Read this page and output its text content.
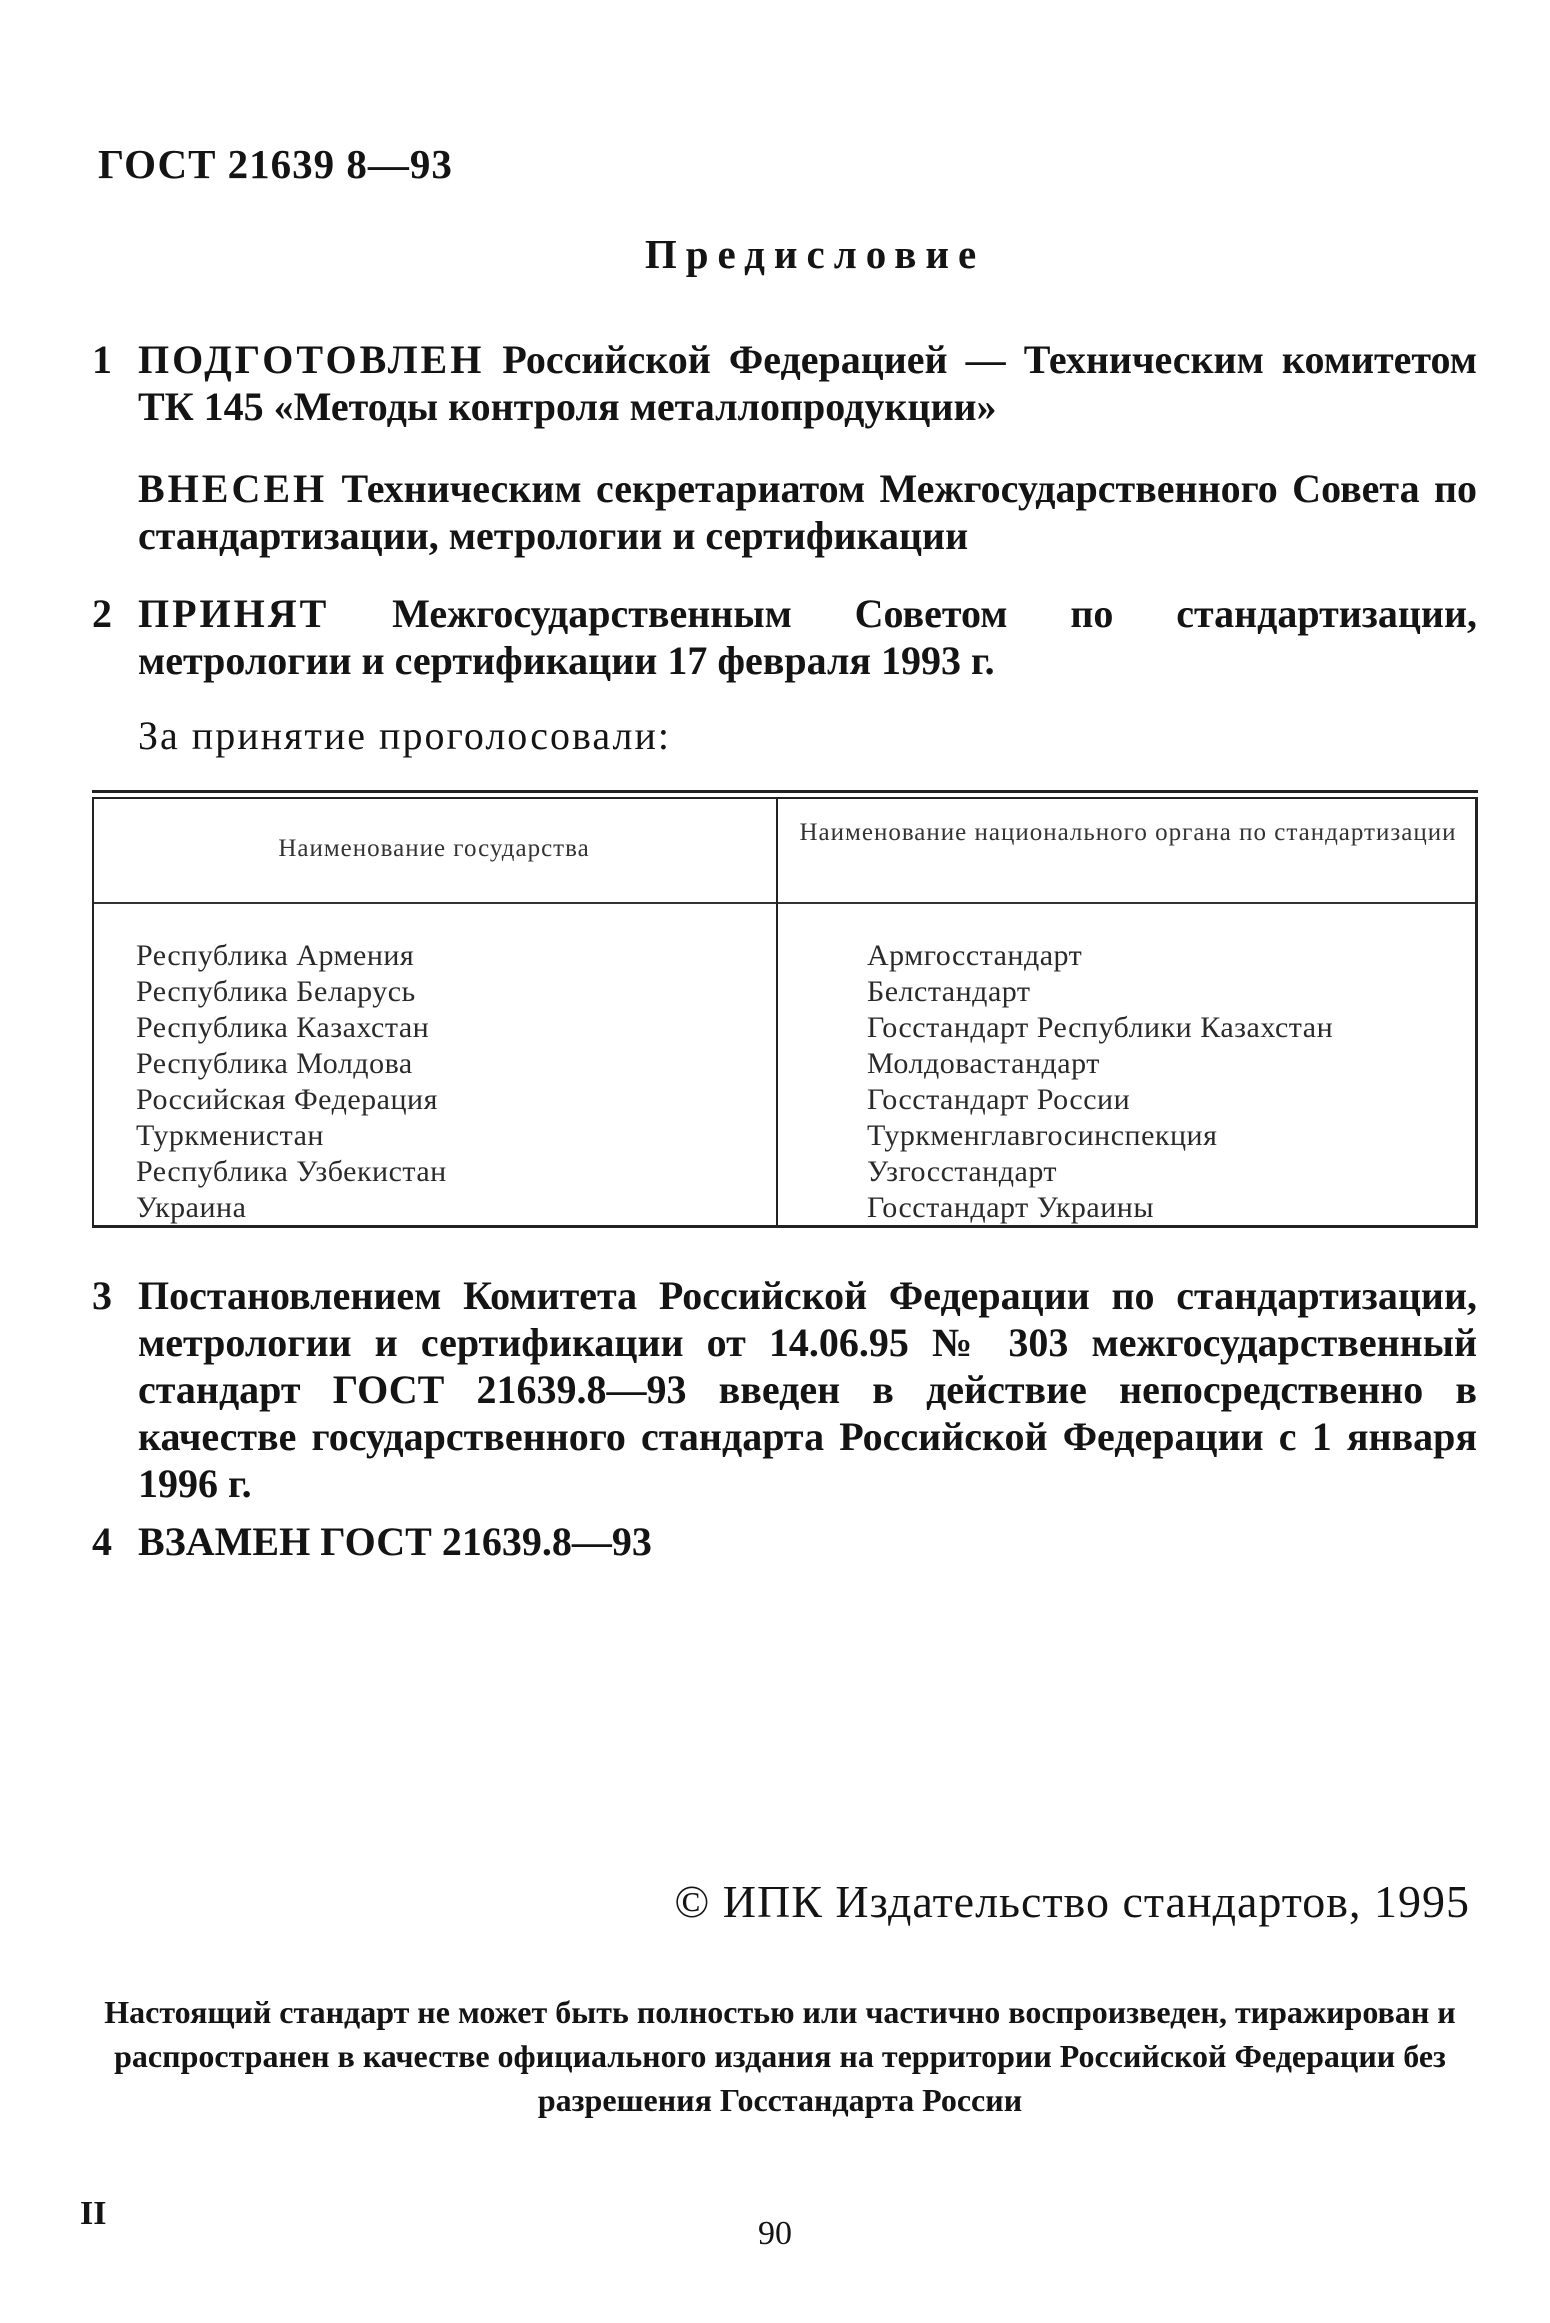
ГОСТ 21639 8—93
Предисловие
1 ПОДГОТОВЛЕН Российской Федерацией — Техническим комитетом ТК 145 «Методы контроля металлопродукции»
ВНЕСЕН Техническим секретариатом Межгосударственного Совета по стандартизации, метрологии и сертификации
2 ПРИНЯТ Межгосударственным Советом по стандартизации, метрологии и сертификации 17 февраля 1993 г.
За принятие проголосовали:
Наименование государства
Наименование национального органа по стандартизации
Республика Армения
Республика Беларусь
Республика Казахстан
Республика Молдова
Российская Федерация
Туркменистан
Республика Узбекистан
Украина
Армгосстандарт
Белстандарт
Госстандарт Республики Казахстан
Молдовастандарт
Госстандарт России
Туркменглавгосинспекция
Узгосстандарт
Госстандарт Украины
3 Постановлением Комитета Российской Федерации по стандартизации, метрологии и сертификации от 14.06.95 № 303 межгосударственный стандарт ГОСТ 21639.8—93 введен в действие непосредственно в качестве государственного стандарта Российской Федерации с 1 января 1996 г.
4 ВЗАМЕН ГОСТ 21639.8—93
© ИПК Издательство стандартов, 1995
Настоящий стандарт не может быть полностью или частично воспроизведен, тиражирован и распространен в качестве официального издания на территории Российской Федерации без разрешения Госстандарта России
II
90
